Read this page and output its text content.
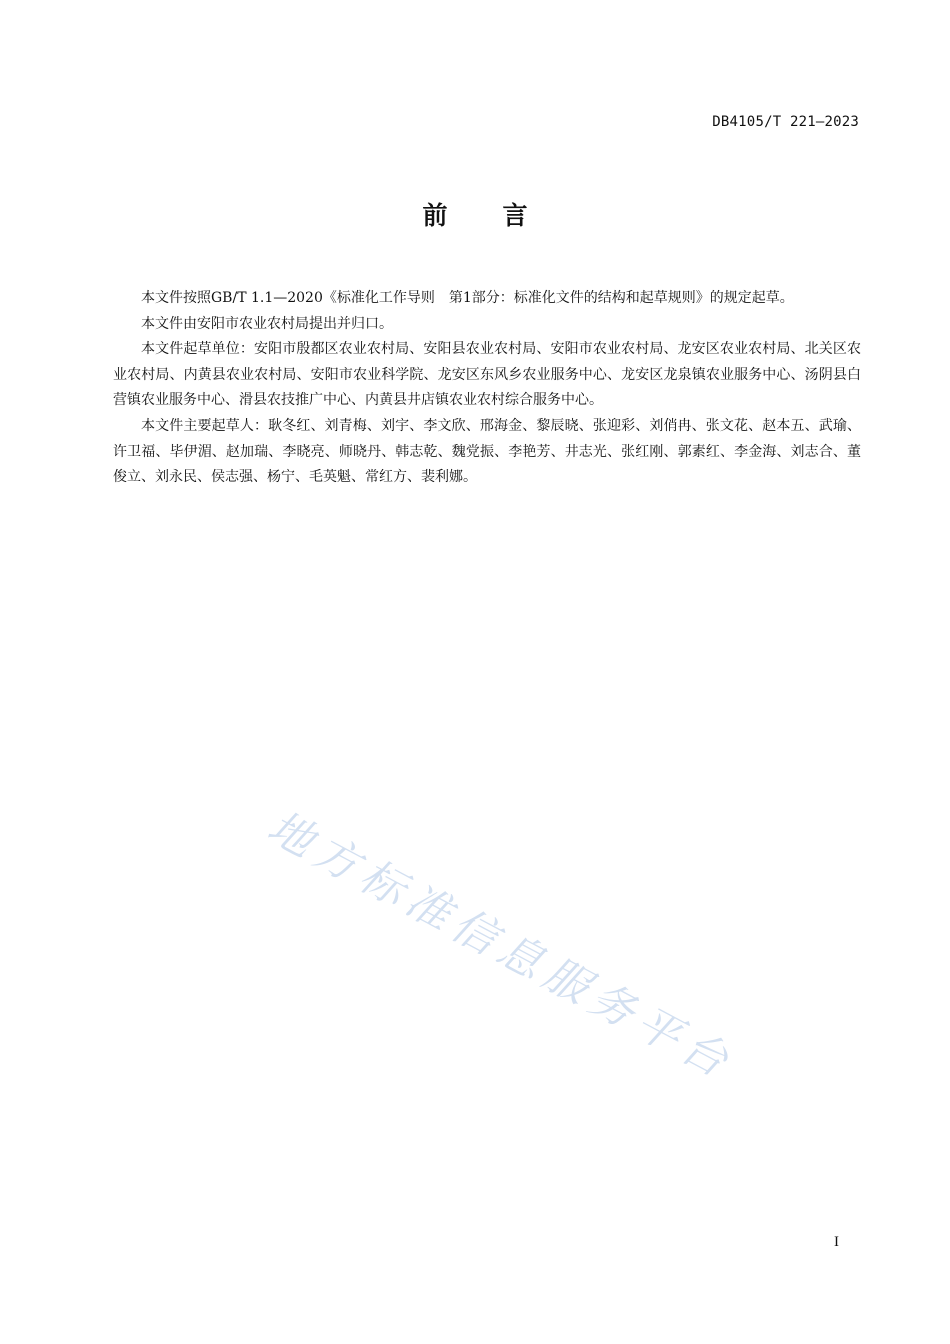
DB4105/T 221—2023
前言

本文件按照GB/T 1.1—2020《标准化工作导则　第1部分：标准化文件的结构和起草规则》的规定起草。

本文件由安阳市农业农村局提出并归口。

本文件起草单位：安阳市殷都区农业农村局、安阳县农业农村局、安阳市农业农村局、龙安区农业农村局、北关区农业农村局、内黄县农业农村局、安阳市农业科学院、龙安区东风乡农业服务中心、龙安区龙泉镇农业服务中心、汤阴县白营镇农业服务中心、滑县农技推广中心、内黄县井店镇农业农村综合服务中心。

本文件主要起草人：耿冬红、刘青梅、刘宇、李文欣、邢海金、黎辰晓、张迎彩、刘俏冉、张文花、赵本五、武瑜、许卫福、毕伊湄、赵加瑞、李晓亮、师晓丹、韩志乾、魏党振、李艳芳、井志光、张红刚、郭素红、李金海、刘志合、董俊立、刘永民、侯志强、杨宁、毛英魁、常红方、裴利娜。

地方标准信息服务平台
I
